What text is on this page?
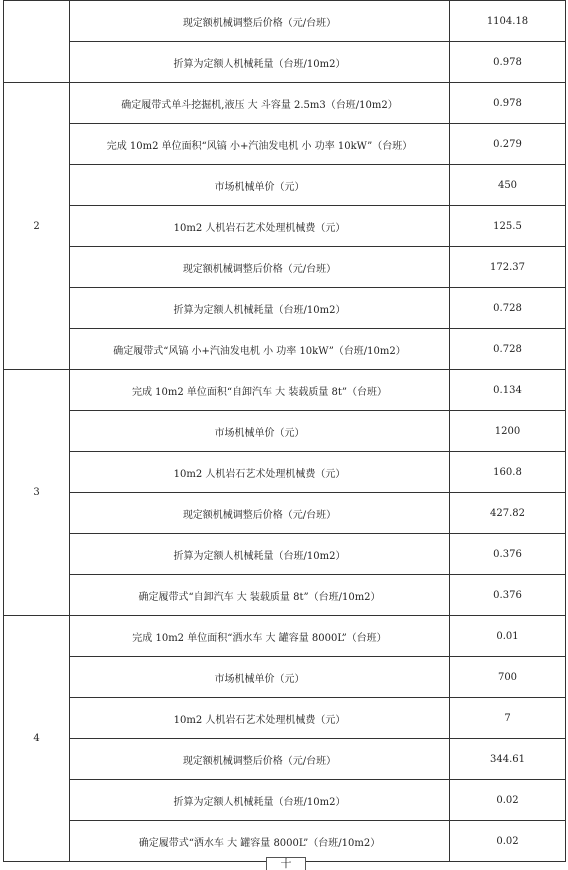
	现定额机械调整后价格（元/台班）	1104.18
	折算为定额人机械耗量（台班/10m2）	0.978
2	确定履带式单斗挖掘机,液压 大 斗容量 2.5m3（台班/10m2）	0.978
	完成 10m2 单位面积“风镐 小+汽油发电机 小 功率 10kW”（台班）	0.279
	市场机械单价（元）	450
	10m2 人机岩石艺术处理机械费（元）	125.5
	现定额机械调整后价格（元/台班）	172.37
	折算为定额人机械耗量（台班/10m2）	0.728
	确定履带式“风镐 小+汽油发电机 小 功率 10kW”（台班/10m2）	0.728
3	完成 10m2 单位面积“自卸汽车 大 装载质量 8t”（台班）	0.134
	市场机械单价（元）	1200
	10m2 人机岩石艺术处理机械费（元）	160.8
	现定额机械调整后价格（元/台班）	427.82
	折算为定额人机械耗量（台班/10m2）	0.376
	确定履带式“自卸汽车 大 装载质量 8t”（台班/10m2）	0.376
4	完成 10m2 单位面积“洒水车 大 罐容量 8000L”（台班）	0.01
	市场机械单价（元）	700
	10m2 人机岩石艺术处理机械费（元）	7
	现定额机械调整后价格（元/台班）	344.61
	折算为定额人机械耗量（台班/10m2）	0.02
	确定履带式“洒水车 大 罐容量 8000L”（台班/10m2）	0.02
十
